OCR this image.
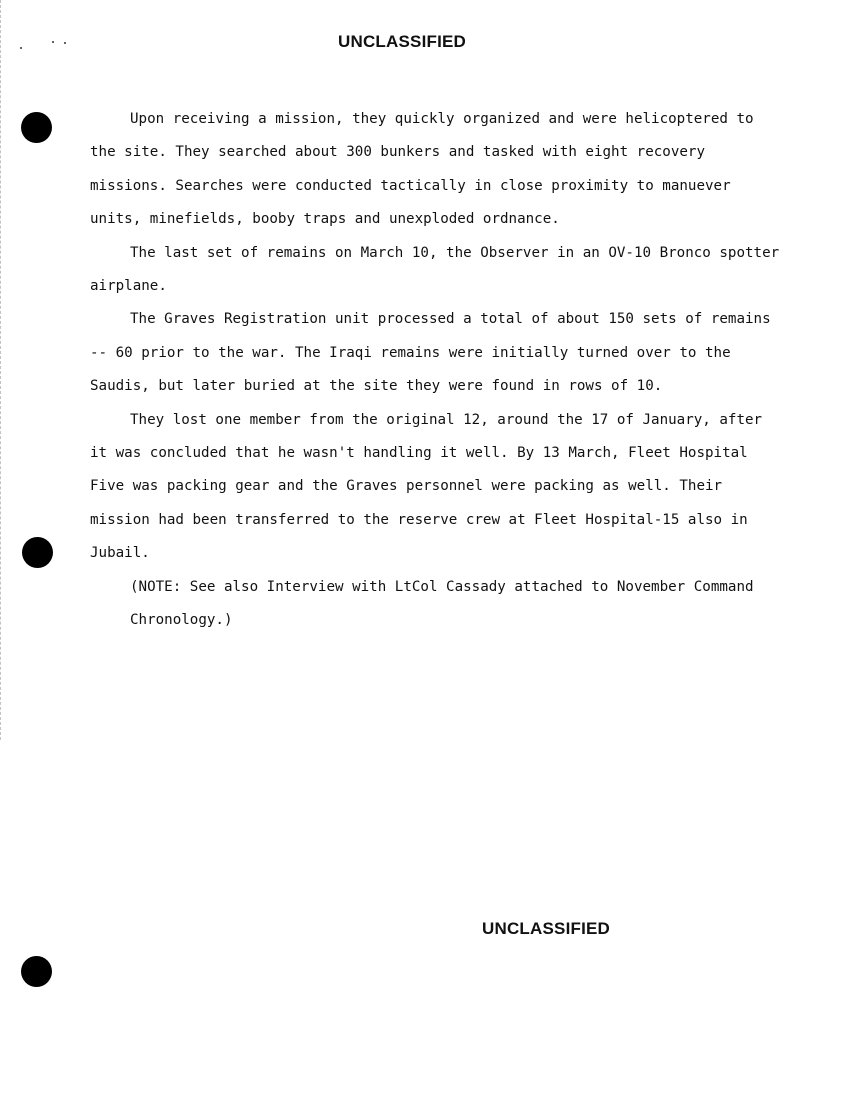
UNCLASSIFIED

Upon receiving a mission, they quickly organized and were helicoptered to the site. They searched about 300 bunkers and tasked with eight recovery missions. Searches were conducted tactically in close proximity to manuever units, minefields, booby traps and unexploded ordnance.

The last set of remains on March 10, the Observer in an OV-10 Bronco spotter airplane.

The Graves Registration unit processed a total of about 150 sets of remains -- 60 prior to the war. The Iraqi remains were initially turned over to the Saudis, but later buried at the site they were found in rows of 10.

They lost one member from the original 12, around the 17 of January, after it was concluded that he wasn't handling it well. By 13 March, Fleet Hospital Five was packing gear and the Graves personnel were packing as well. Their mission had been transferred to the reserve crew at Fleet Hospital-15 also in Jubail.

(NOTE: See also Interview with LtCol Cassady attached to November Command Chronology.)

UNCLASSIFIED
